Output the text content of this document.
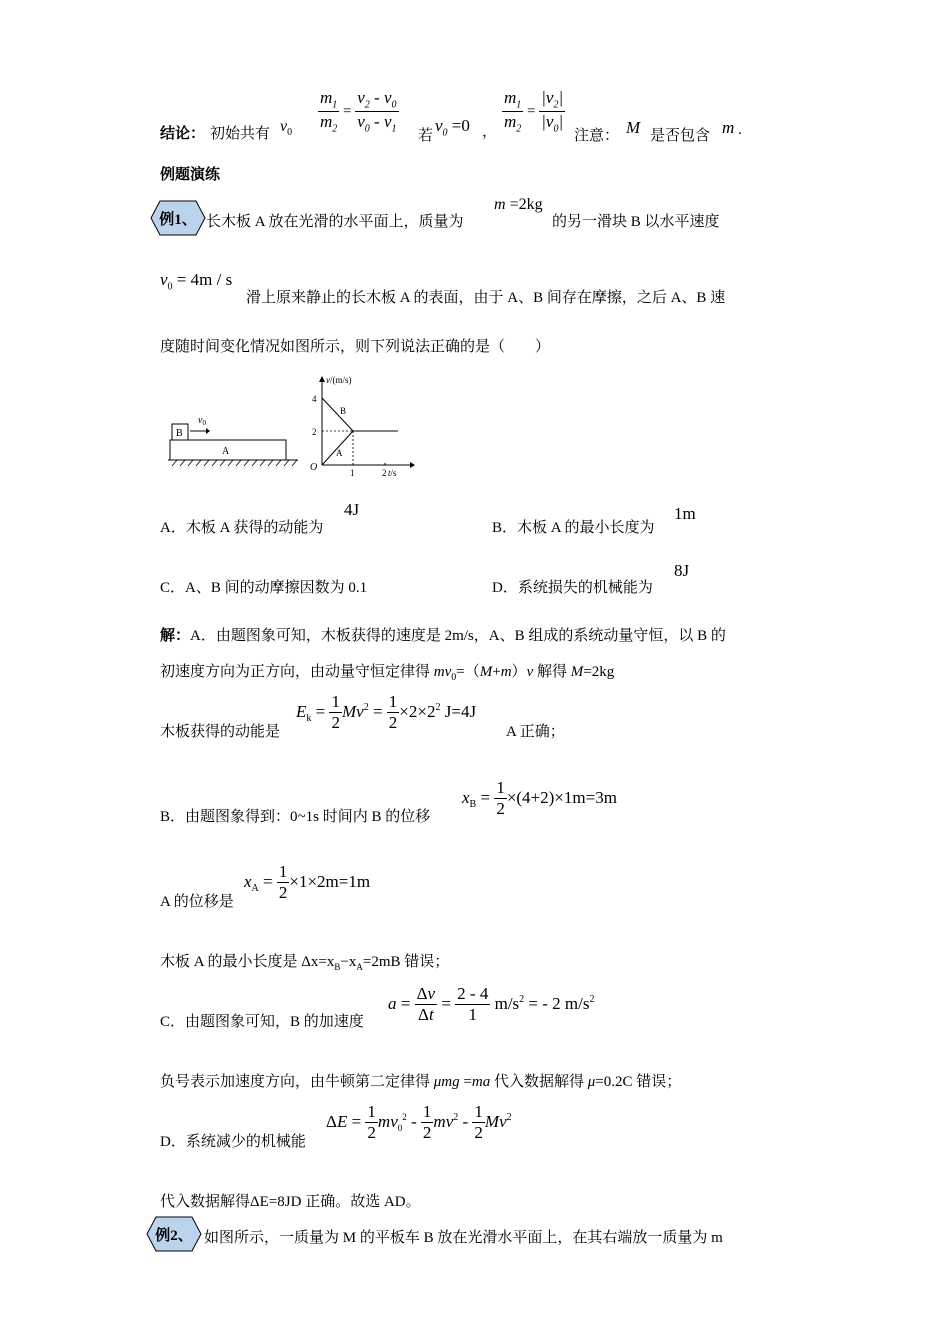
结论： 初始共有 $v_0 \frac{m_1}{m_2} = \frac{v_2 - v_0}{v_0 - v_1}$
若
$v_0 =0$ ， $\frac{m_1}{m_2} = \frac{|v_2|}{|v_0|}$
注意： M 是否包含 m .
例题演练
例1、 长木板 A 放在光滑的水平面上，质量为
m =2kg
的另一滑块 B 以水平速度
$v_0 = 4m / s$
滑上原来静止的长木板 A 的表面，由于 A、B 间存在摩擦，之后 A、B 速
度随时间变化情况如图所示，则下列说法正确的是（　　）
A
B
$v_0$
v/(m/s)
t/s
O
4
2
1	2
B
A
A．木板 A 获得的动能为
4J
B．木板 A 的最小长度为
1m
C．A、B 间的动摩擦因数为 0.1	D．系统损失的机械能为
8J
解：A．由题图象可知，木板获得的速度是 2m/s，A、B 组成的系统动量守恒，以 B 的
初速度方向为正方向，由动量守恒定律得 $mv_0=(M+m)v$ 解得 M=2kg
木板获得的动能是
$E_k = \frac{1}{2} Mv^2 = \frac{1}{2} \times 2\times 2^2$ J=4J
A 正确；
B．由题图象得到：0~1s 时间内 B 的位移
$x_B = \frac{1}{2} \times(4+2)\times 1m=3m$
A 的位移是
$x_A = \frac{1}{2} \times 1\times 2m=1m$
木板 A 的最小长度是 $\Delta x=x_B-x_A=2mB$ 错误；
C．由题图象可知，B 的加速度
$a = \frac{\Delta v}{\Delta t} = \frac{2 - 4}{1} m/s^2$ = - 2 $m/s^2$
负号表示加速度方向，由牛顿第二定律得 μmg =ma 代入数据解得 μ=0.2C 错误；
D．系统减少的机械能
$\Delta E = \frac{1}{2} mv_0^2 - \frac{1}{2} mv^2 - \frac{1}{2} Mv^2$
代入数据解得ΔE=8JD 正确。故选 AD。
例2、 如图所示，一质量为 M 的平板车 B 放在光滑水平面上，在其右端放一质量为 m
